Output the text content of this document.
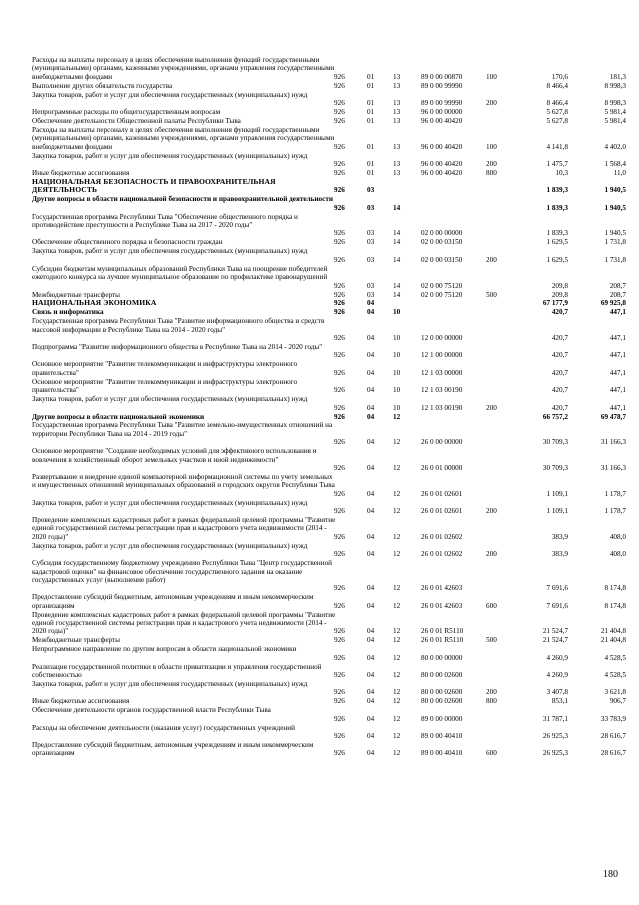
Расходы на выплаты персоналу в целях обеспечения выполнения функций государственными (муниципальными) органами, казенными учреждениями, органами управления государственными внебюджетными фондами	926	01	13	89 0 00 00870	100	170,6	181,3
Выполнение других обязательств государства	926	01	13	89 0 00 99990	8 466,4	8 998,3
Закупка товаров, работ и услуг для обеспечения государственных (муниципальных) нужд
926	01	13	89 0 00 99990	200	8 466,4	8 998,3
Непрограммные расходы по общегосударственным вопросам	926	01	13	96 0 00 00000	5 627,8	5 981,4
Обеспечение деятельности Общественной палаты Республики Тыва	926	01	13	96 0 00 40420	5 627,8	5 981,4
Расходы на выплаты персоналу в целях обеспечения выполнения функций государственными (муниципальными) органами, казенными учреждениями, органами управления государственными внебюджетными фондами	926	01	13	96 0 00 40420	100	4 141,8	4 402,0
Закупка товаров, работ и услуг для обеспечения государственных (муниципальных) нужд
926	01	13	96 0 00 40420	200	1 475,7	1 568,4
Иные бюджетные ассигнования	926	01	13	96 0 00 40420	800	10,3	11,0
НАЦИОНАЛЬНАЯ БЕЗОПАСНОСТЬ И ПРАВООХРАНИТЕЛЬНАЯ ДЕЯТЕЛЬНОСТЬ	926	03	1 839,3	1 940,5
Другие вопросы в области национальной безопасности и правоохранительной деятельности
926	03	14	1 839,3	1 940,5
Государственная программа Республики Тыва "Обеспечение общественного порядка и противодействие преступности в Республике Тыва на 2017 - 2020 годы"
926	03	14	02 0 00 00000	1 839,3	1 940,5
Обеспечение общественного порядка и безопасности граждан	926	03	14	02 0 00 03150	1 629,5	1 731,8
Закупка товаров, работ и услуг для обеспечения государственных (муниципальных) нужд
926	03	14	02 0 00 03150	200	1 629,5	1 731,8
Субсидии бюджетам муниципальных образований Республики Тыва на поощрение победителей ежегодного конкурса на лучшее муниципальное образование по профилактике правонарушений
926	03	14	02 0 00 75120	209,8	208,7
Межбюджетные трансферты	926	03	14	02 0 00 75120	500	209,8	208,7
НАЦИОНАЛЬНАЯ ЭКОНОМИКА	926	04	67 177,9	69 925,8
Связь и информатика	926	04	10	420,7	447,1
Государственная программа Республики Тыва "Развитие информационного общества и средств массовой информации в Республике Тыва на 2014 - 2020 годы"
926	04	10	12 0 00 00000	420,7	447,1
Подпрограмма "Развитие информационного общества в Республике Тыва на 2014 - 2020 годы"
926	04	10	12 1 00 00000	420,7	447,1
Основное мероприятие "Развитие телекоммуникации и инфраструктуры электронного правительства"	926	04	10	12 1 03 00000	420,7	447,1
Основное мероприятие "Развитие телекоммуникации и инфраструктуры электронного правительства"	926	04	10	12 1 03 00190	420,7	447,1
Закупка товаров, работ и услуг для обеспечения государственных (муниципальных) нужд
926	04	10	12 1 03 00190	200	420,7	447,1
Другие вопросы в области национальной экономики	926	04	12	66 757,2	69 478,7
Государственная программа Республики Тыва "Развитие земельно-имущественных отношений на территории Республики Тыва на 2014 - 2019 годы"
926	04	12	26 0 00 00000	30 709,3	31 166,3
Основное мероприятие "Создание необходимых условий для эффективного использования и вовлечения в хозяйственный оборот земельных участков и иной недвижимости"
926	04	12	26 0 01 00000	30 709,3	31 166,3
Развертывание и внедрение единой компьютерной информационной системы по учету земельных и имущественных отношений муниципальных образований и городских округов Республики Тыва
926	04	12	26 0 01 02601	1 109,1	1 178,7
Закупка товаров, работ и услуг для обеспечения государственных (муниципальных) нужд
926	04	12	26 0 01 02601	200	1 109,1	1 178,7
Проведение комплексных кадастровых работ в рамках федеральной целевой программы "Развитие единой государственной системы регистрации прав и кадастрового учета недвижимости (2014 - 2020 годы)"	926	04	12	26 0 01 02602	383,9	408,0
Закупка товаров, работ и услуг для обеспечения государственных (муниципальных) нужд
926	04	12	26 0 01 02602	200	383,9	408,0
Субсидия государственному бюджетному учреждению Республики Тыва "Центр государственной кадастровой оценки" на финансовое обеспечение государственного задания на оказание государственных услуг (выполнение работ)
926	04	12	26 0 01 42603	7 691,6	8 174,8
Предоставление субсидий бюджетным, автономным учреждениям и иным некоммерческим организациям	926	04	12	26 0 01 42603	600	7 691,6	8 174,8
Проведение комплексных кадастровых работ в рамках федеральной целевой программы "Развитие единой государственной системы регистрации прав и кадастрового учета недвижимости (2014 - 2020 годы)"	926	04	12	26 0 01 R5110	21 524,7	21 404,8
Межбюджетные трансферты	926	04	12	26 0 01 R5110	500	21 524,7	21 404,8
Непрограммное направление по другим вопросам в области национальной экономики
926	04	12	80 0 00 00000	4 260,9	4 528,5
Реализация государственной политики в области приватизации и управления государственной собственностью	926	04	12	80 0 00 02600	4 260,9	4 528,5
Закупка товаров, работ и услуг для обеспечения государственных (муниципальных) нужд
926	04	12	80 0 00 02600	200	3 407,8	3 621,8
Иные бюджетные ассигнования	926	04	12	80 0 00 02600	800	853,1	906,7
Обеспечение деятельности органов государственной власти Республики Тыва
926	04	12	89 0 00 00000	31 787,1	33 783,9
Расходы на обеспечение деятельности (оказания услуг) государственных учреждений
926	04	12	89 0 00 40410	26 925,3	28 616,7
Предоставление субсидий бюджетным, автономным учреждениям и иным некоммерческим организациям	926	04	12	89 0 00 40410	600	26 925,3	28 616,7
180
